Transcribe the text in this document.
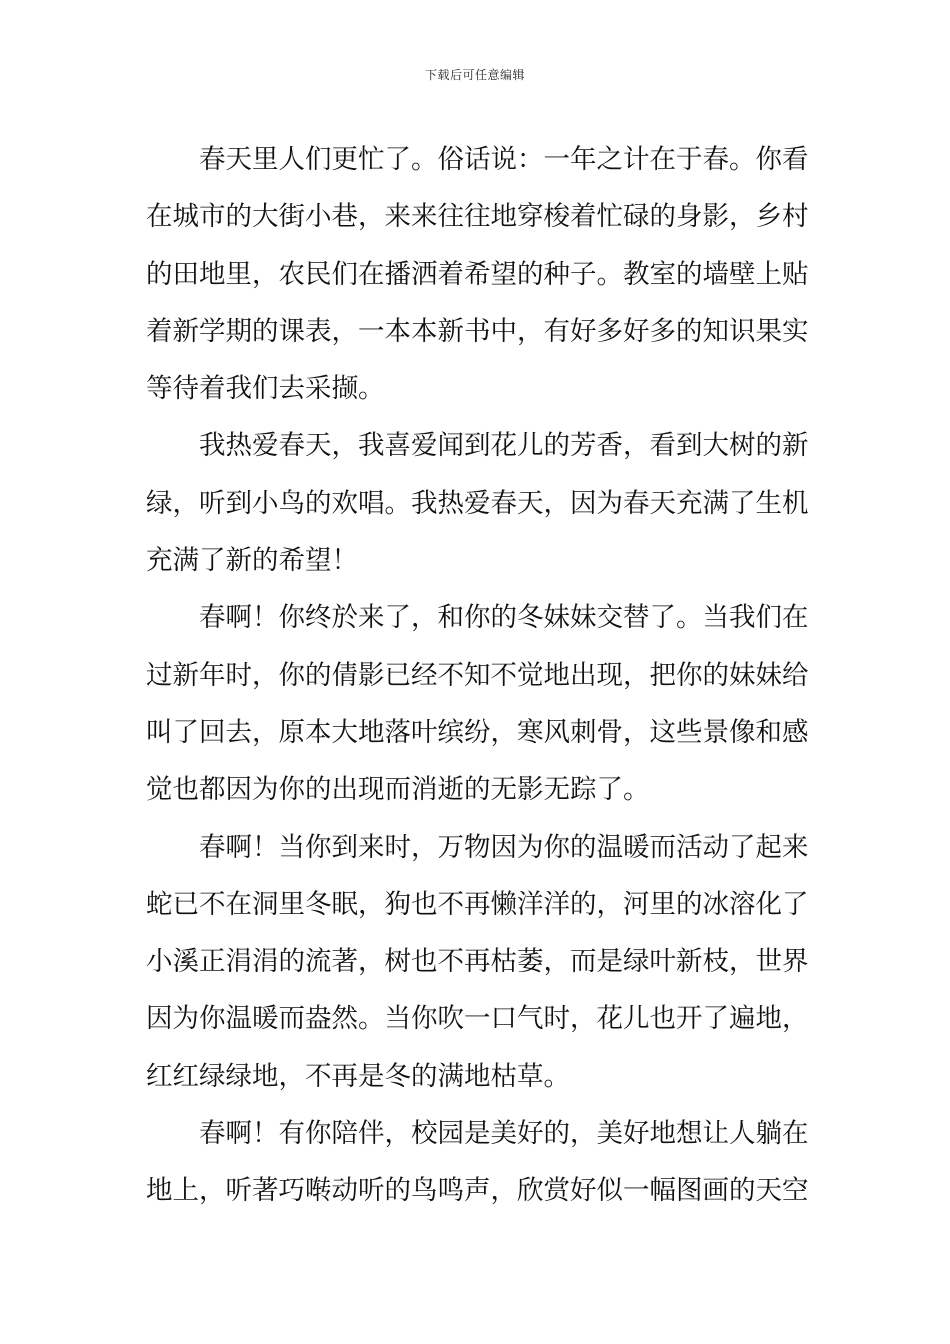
下载后可任意编辑
春天里人们更忙了。俗话说：一年之计在于春。你看
在城市的大街小巷，来来往往地穿梭着忙碌的身影，乡村
的田地里，农民们在播洒着希望的种子。教室的墙壁上贴
着新学期的课表，一本本新书中，有好多好多的知识果实
等待着我们去采撷。
我热爱春天，我喜爱闻到花儿的芳香，看到大树的新
绿，听到小鸟的欢唱。我热爱春天，因为春天充满了生机
充满了新的希望！
春啊！你终於来了，和你的冬妹妹交替了。当我们在
过新年时，你的倩影已经不知不觉地出现，把你的妹妹给
叫了回去，原本大地落叶缤纷，寒风刺骨，这些景像和感
觉也都因为你的出现而消逝的无影无踪了。
春啊！当你到来时，万物因为你的温暖而活动了起来
蛇已不在洞里冬眠，狗也不再懒洋洋的，河里的冰溶化了
小溪正涓涓的流著，树也不再枯萎，而是绿叶新枝，世界
因为你温暖而盎然。当你吹一口气时，花儿也开了遍地，
红红绿绿地，不再是冬的满地枯草。
春啊！有你陪伴，校园是美好的，美好地想让人躺在
地上，听著巧啭动听的鸟鸣声，欣赏好似一幅图画的天空
